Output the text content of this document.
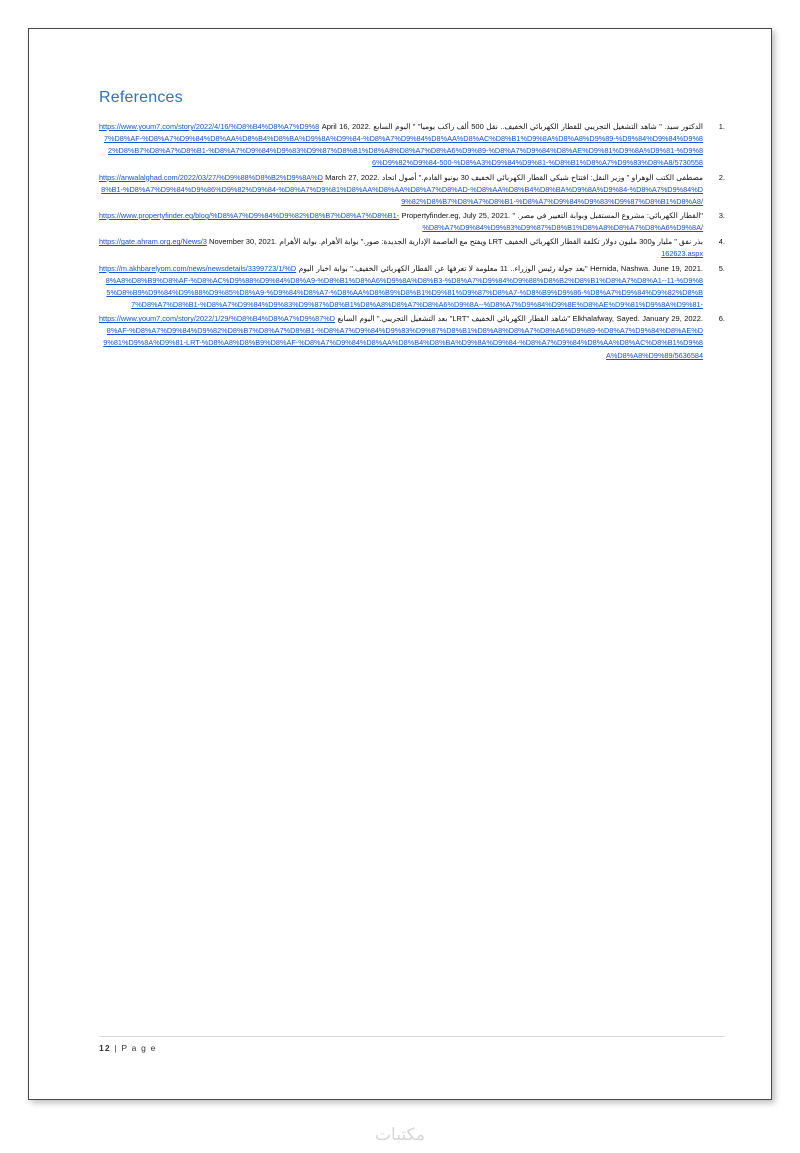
References
الدكتور سيد. " شاهد التشغيل التجريبي للقطار الكهربائي الخفيف.. نقل 500 ألف راكب يوميا" " اليوم السابع April 16, 2022. https://www.youm7.com/story/2022/4/16/%D8%B4%D8%A7%D9%87%D8%AF-%D8%A7%D9%84%D8%AA%D8%B4%D8%BA%D9%8A%D9%84-%D8%A7%D9%84%D8%AA%D8%AC%D8%B1%D9%8A%D8%A8%D9%89-%D9%84%D9%84%D9%82%D8%B7%D8%A7%D8%B1-%D8%A7%D9%84%D9%83%D9%87%D8%B1%D8%A8%D8%A7%D8%A6%D9%89-%D8%A7%D9%84%D8%AE%D9%81%D9%8A%D9%81-%D9%86%D9%82%D9%84-500-%D8%A3%D9%84%D9%81-%D8%B1%D8%A7%D9%83%D8%A8/5730558
مصطفى الكتب الوهراو " وزير النقل: افتتاح شبكي القطار الكهربائي الخفيف 30 يونيو القادم." أصول اتحاد March 27, 2022. https://anwalalghad.com/2022/03/27/%D9%88%D8%B2%D9%8A%D8%B1-%D8%A7%D9%84%D9%86%D9%82%D9%84-%D8%A7%D9%81%D8%AA%D8%AA%D8%A7%D8%AD-%D8%AA%D8%B4%D8%BA%D9%8A%D9%84-%D8%A7%D9%84%D9%82%D8%B7%D8%A7%D8%B1-%D8%A7%D9%84%D9%83%D9%87%D8%B1%D8%A8/
"القطار الكهربائي: مشروع المستقبل وبوابة التغيير في مصر. " Propertyfinder.eg, July 25, 2021. https://www.propertyfinder.eg/blog/%D8%A7%D9%84%D9%82%D8%B7%D8%A7%D8%B1-%D8%A7%D9%84%D9%83%D9%87%D8%B1%D8%A8%D8%A7%D8%A6%D9%8A/
بذر نفق " مليار و300 مليون دولار تكلفة القطار الكهربائي الخفيف LRT ويفتح مع العاصمة الإدارية الجديدة: صور." بوابة الأهرام. بوابة الأهرام November 30, 2021. https://gate.ahram.org.eg/News/3162623.aspx
Hernida, Nashwa. June 19, 2021. "بعد جولة رئيس الوزراء.. 11 معلومة لا تعرفها عن القطار الكهربائي الخفيف." بوابة اخبار اليوم https://m.akhbarelyom.com/news/newsdetails/3399723/1/%D8%A8%D8%B9%D8%AF-%D8%AC%D9%88%D9%84%D8%A9-%D8%B1%D8%A6%D9%8A%D8%B3-%D8%A7%D9%84%D9%88%D8%B2%D8%B1%D8%A7%D8%A1--11-%D9%85%D8%B9%D9%84%D9%88%D9%85%D8%A9-%D9%84%D8%A7-%D8%AA%D8%B9%D8%B1%D9%81%D9%87%D8%A7-%D8%B9%D9%86-%D8%A7%D9%84%D9%82%D8%B7%D8%A7%D8%B1-%D8%A7%D9%84%D9%83%D9%87%D8%B1%D8%A8%D8%A7%D8%A6%D9%8A--%D8%A7%D9%84%D9%8E%D8%AE%D9%81%D9%8A%D9%81-
Elkhalafway, Sayed. January 29, 2022. "شاهد القطار الكهربائي الخفيف "LRT" بعد التشغيل التجريبي." اليوم السابع https://www.youm7.com/story/2022/1/29/%D8%B4%D8%A7%D9%87%D8%AF-%D8%A7%D9%84%D9%82%D8%B7%D8%A7%D8%B1-%D8%A7%D9%84%D9%83%D9%87%D8%B1%D8%A8%D8%A7%D8%A6%D9%89-%D8%A7%D9%84%D8%AE%D9%81%D9%8A%D9%81-LRT-%D8%A8%D8%B9%D8%AF-%D8%A7%D9%84%D8%AA%D8%B4%D8%BA%D9%8A%D9%84-%D8%A7%D9%84%D8%AA%D8%AC%D8%B1%D9%8A%D8%A8%D9%89/5636584
12 | P a g e
مكتبات
